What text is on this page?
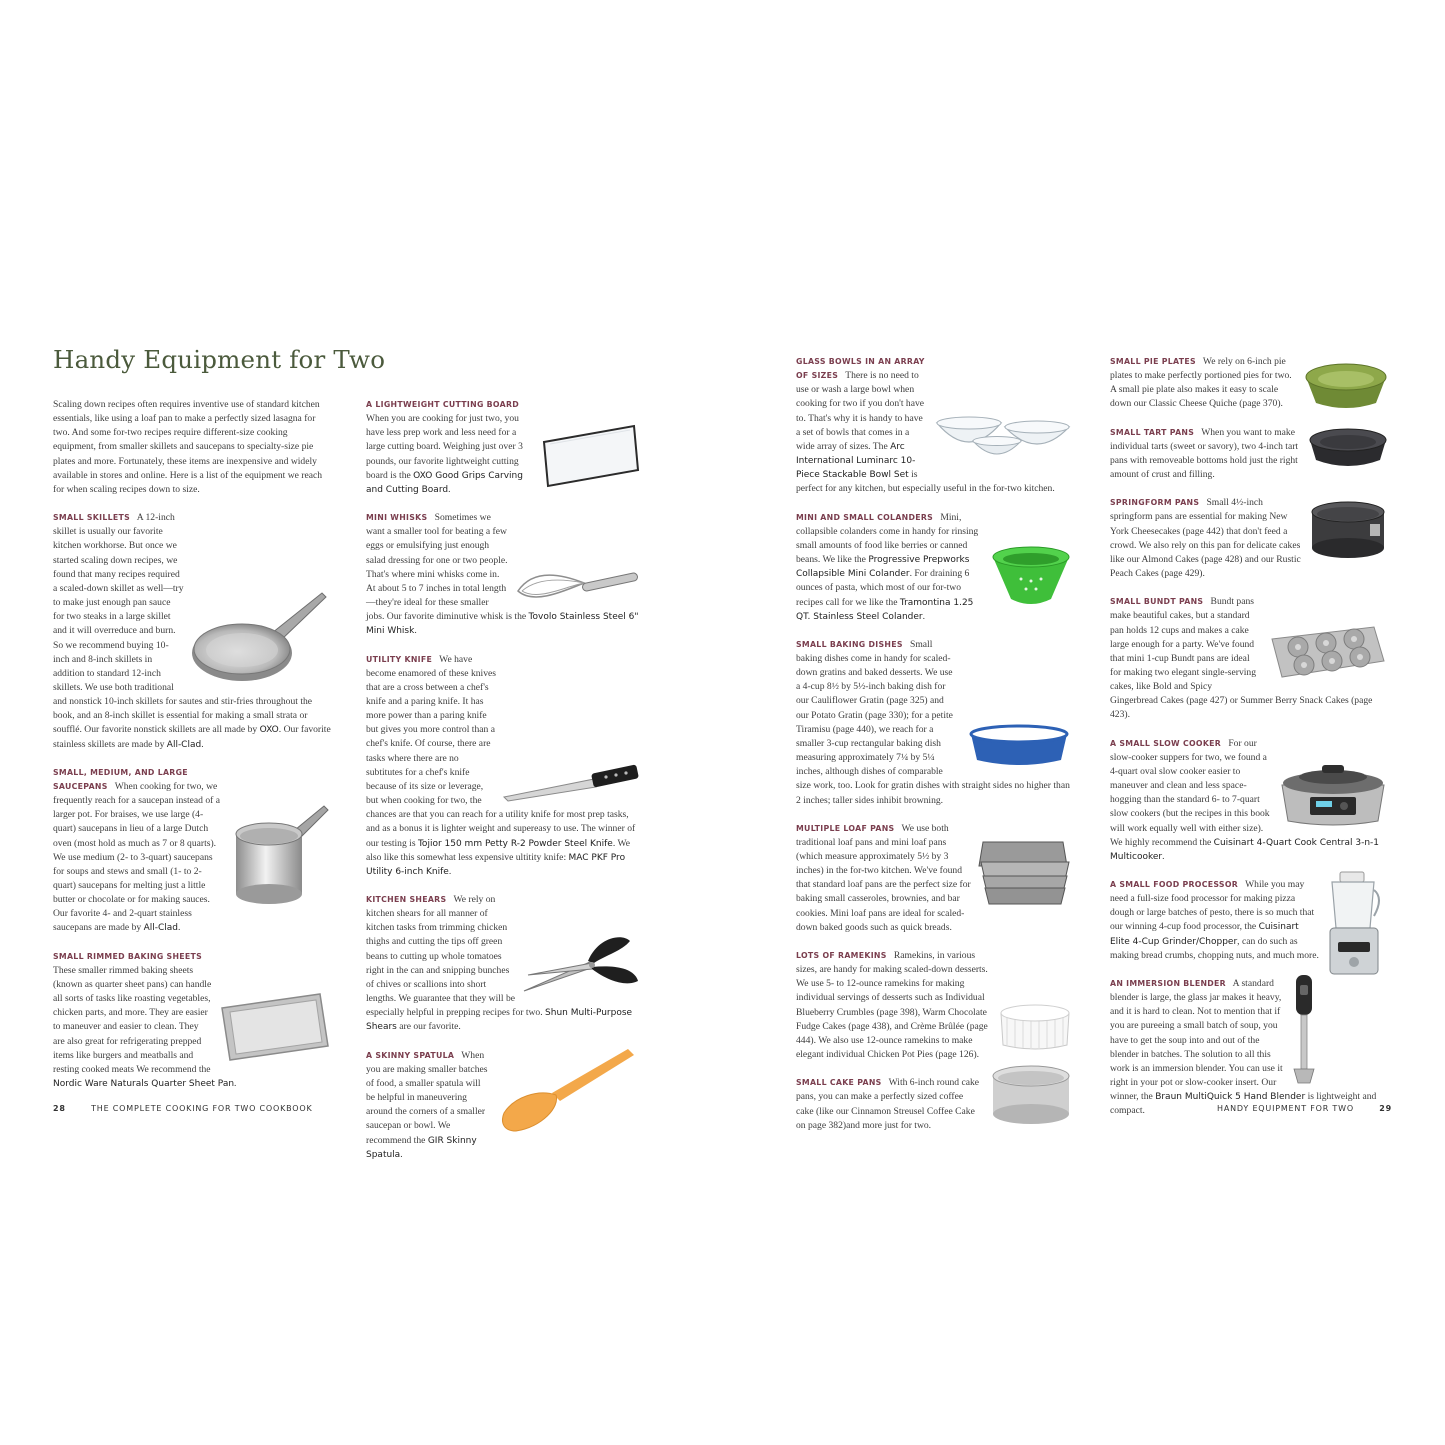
Handy Equipment for Two

Scaling down recipes often requires inventive use of standard kitchen essentials, like using a loaf pan to make a perfectly sized lasagna for two. And some for-two recipes require different-size cooking equipment, from smaller skillets and saucepans to specialty-size pie plates and more. Fortunately, these items are inexpensive and widely available in stores and online. Here is a list of the equipment we reach for when scaling recipes down to size.

SMALL SKILLETS A 12-inch skillet is usually our favorite kitchen workhorse. But once we started scaling down recipes, we found that many recipes required a scaled-down skillet as well—try to make just enough pan sauce for two steaks in a large skillet and it will overreduce and burn. So we recommend buying 10-inch and 8-inch skillets in addition to standard 12-inch skillets. We use both traditional and nonstick 10-inch skillets for sautes and stir-fries throughout the book, and an 8-inch skillet is essential for making a small strata or soufflé. Our favorite nonstick skillets are all made by OXO. Our favorite stainless skillets are made by All-Clad.

SMALL, MEDIUM, AND LARGE SAUCEPANS When cooking for two, we frequently reach for a saucepan instead of a larger pot. For braises, we use large (4-quart) saucepans in lieu of a large Dutch oven (most hold as much as 7 or 8 quarts). We use medium (2- to 3-quart) saucepans for soups and stews and small (1- to 2-quart) saucepans for melting just a little butter or chocolate or for making sauces. Our favorite 4- and 2-quart stainless saucepans are made by All-Clad.

SMALL RIMMED BAKING SHEETS   These smaller rimmed baking sheets (known as quarter sheet pans) can handle all sorts of tasks like roasting vegetables, chicken parts, and more. They are easier to maneuver and easier to clean. They are also great for refrigerating prepped items like burgers and meatballs and resting cooked meats We recommend the Nordic Ware Naturals Quarter Sheet Pan.

A LIGHTWEIGHT CUTTING BOARD   When you are cooking for just two, you have less prep work and less need for a large cutting board. Weighing just over 3 pounds, our favorite lightweight cutting board is the OXO Good Grips Carving and Cutting Board.

MINI WHISKS Sometimes we want a smaller tool for beating a few eggs or emulsifying just enough salad dressing for one or two people. That's where mini whisks come in. At about 5 to 7 inches in total length—they're ideal for these smaller jobs. Our favorite diminutive whisk is the Tovolo Stainless Steel 6" Mini Whisk.

UTILITY KNIFE We have become enamored of these knives that are a cross between a chef's knife and a paring knife. It has more power than a paring knife but gives you more control than a chef's knife. Of course, there are tasks where there are no subtitutes for a chef's knife because of its size or leverage, but when cooking for two, the chances are that you can reach for a utility knife for most prep tasks, and as a bonus it is lighter weight and supereasy to use. The winner of our testing is Tojior 150 mm Petty R-2 Powder Steel Knife. We also like this somewhat less expensive ultitity knife: MAC PKF Pro Utility 6-inch Knife.

KITCHEN SHEARS We rely on kitchen shears for all manner of kitchen tasks from trimming chicken thighs and cutting the tips off green beans to cutting up whole tomatoes right in the can and snipping bunches of chives or scallions into short lengths. We guarantee that they will be especially helpful in prepping recipes for two. Shun Multi-Purpose Shears are our favorite.

A SKINNY SPATULA When you are making smaller batches of food, a smaller spatula will be helpful in maneuvering around the corners of a smaller saucepan or bowl. We recommend the GIR Skinny Spatula.

GLASS BOWLS IN AN ARRAY OF SIZES There is no need to use or wash a large bowl when cooking for two if you don't have to. That's why it is handy to have a set of bowls that comes in a wide array of sizes. The Arc International Luminarc 10-Piece Stackable Bowl Set is perfect for any kitchen, but especially useful in the for-two kitchen.

MINI AND SMALL COLANDERS Mini, collapsible colanders come in handy for rinsing small amounts of food like berries or canned beans. We like the Progressive Prepworks Collapsible Mini Colander. For draining 6 ounces of pasta, which most of our for-two recipes call for we like the Tramontina 1.25 QT. Stainless Steel Colander.

SMALL BAKING DISHES Small baking dishes come in handy for scaled-down gratins and baked desserts. We use a 4-cup 8½ by 5½-inch baking dish for our Cauliflower Gratin (page 325) and our Potato Gratin (page 330); for a petite Tiramisu (page 440), we reach for a smaller 3-cup rectangular baking dish measuring approximately 7¼ by 5¼ inches, although dishes of comparable size work, too. Look for gratin dishes with straight sides no higher than 2 inches; taller sides inhibit browning.

MULTIPLE LOAF PANS We use both traditional loaf pans and mini loaf pans (which measure approximately 5½ by 3 inches) in the for-two kitchen. We've found that standard loaf pans are the perfect size for baking small casseroles, brownies, and bar cookies. Mini loaf pans are ideal for scaled-down baked goods such as quick breads.

LOTS OF RAMEKINS Ramekins, in various sizes, are handy for making scaled-down desserts. We use 5- to 12-ounce ramekins for making individual servings of desserts such as Individual Blueberry Crumbles (page 398), Warm Chocolate Fudge Cakes (page 438), and Crème Brûlée (page 444). We also use 12-ounce ramekins to make elegant individual Chicken Pot Pies (page 126).

SMALL CAKE PANS With 6-inch round cake pans, you can make a perfectly sized coffee cake (like our Cinnamon Streusel Coffee Cake on page 382)and more just for two.

SMALL PIE PLATES We rely on 6-inch pie plates to make perfectly portioned pies for two. A small pie plate also makes it easy to scale down our Classic Cheese Quiche (page 370).

SMALL TART PANS When you want to make individual tarts (sweet or savory), two 4-inch tart pans with removeable bottoms hold just the right amount of crust and filling.

SPRINGFORM PANS Small 4½-inch springform pans are essential for making New York Cheesecakes (page 442) that don't feed a crowd. We also rely on this pan for delicate cakes like our Almond Cakes (page 428) and our Rustic Peach Cakes (page 429).

SMALL BUNDT PANS Bundt pans make beautiful cakes, but a standard pan holds 12 cups and makes a cake large enough for a party. We've found that mini 1-cup Bundt pans are ideal for making two elegant single-serving cakes, like Bold and Spicy Gingerbread Cakes (page 427) or Summer Berry Snack Cakes (page 423).

A SMALL SLOW COOKER For our slow-cooker suppers for two, we found a 4-quart oval slow cooker easier to maneuver and clean and less space-hogging than the standard 6- to 7-quart slow cookers (but the recipes in this book will work equally well with either size). We highly recommend the Cuisinart 4-Quart Cook Central 3-n-1 Multicooker.

A SMALL FOOD PROCESSOR While you may need a full-size food processor for making pizza dough or large batches of pesto, there is so much that our winning 4-cup food processor, the Cuisinart Elite 4-Cup Grinder/Chopper, can do such as making bread crumbs, chopping nuts, and much more.

AN IMMERSION BLENDER A standard blender is large, the glass jar makes it heavy, and it is hard to clean. Not to mention that if you are pureeing a small batch of soup, you have to get the soup into and out of the blender in batches. The solution to all this work is an immersion blender. You can use it right in your pot or slow-cooker insert. Our winner, the Braun MultiQuick 5 Hand Blender is lightweight and compact.

28	THE COMPLETE COOKING FOR TWO COOKBOOK	HANDY EQUIPMENT FOR TWO	29
